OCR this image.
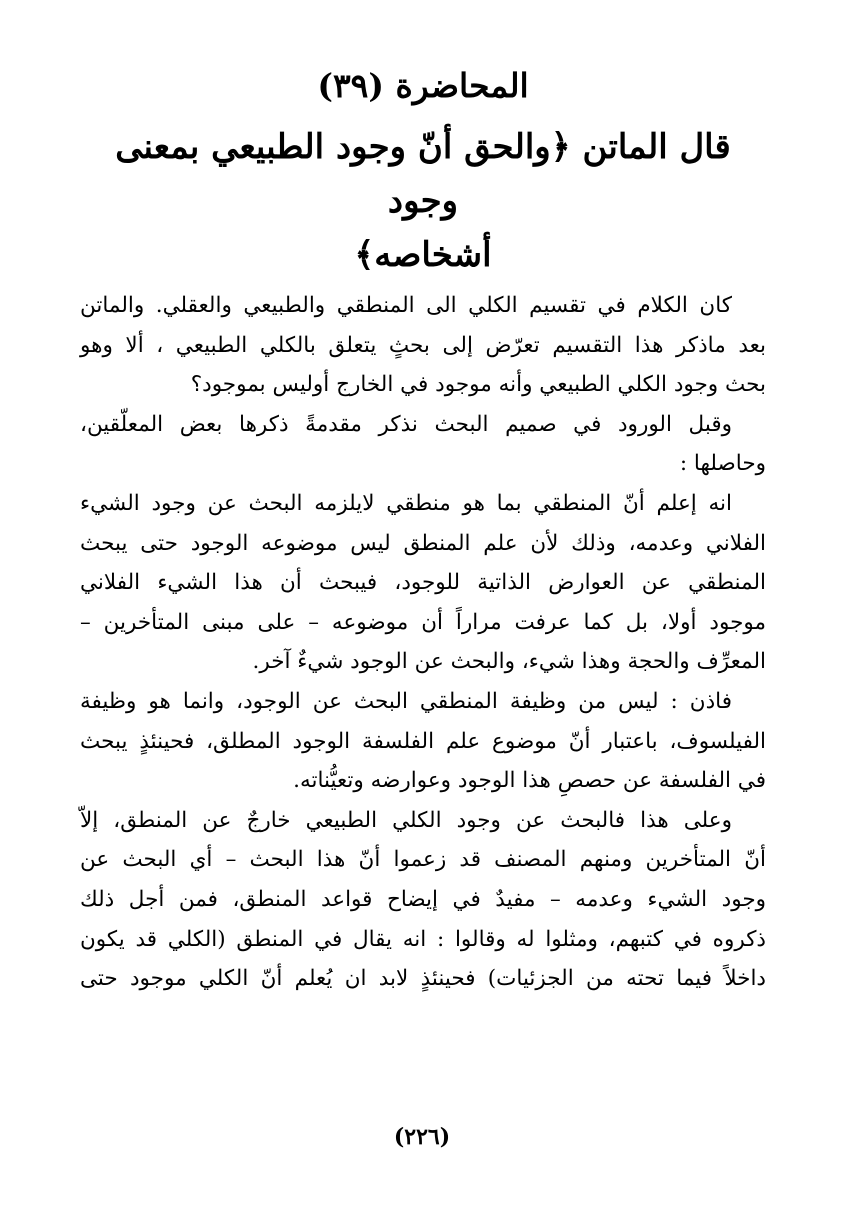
المحاضرة (٣٩)
قال الماتن ﴿والحق أنّ وجود الطبيعي بمعنى وجود
أشخاصه﴾

كان الكلام في تقسيم الكلي الى المنطقي والطبيعي والعقلي. والماتن
بعد ماذكر هذا التقسيم تعرّض إلى بحثٍ يتعلق بالكلي الطبيعي ، ألا وهو
بحث وجود الكلي الطبيعي وأنه موجود في الخارج أوليس بموجود؟

وقبل الورود في صميم البحث نذكر مقدمةً ذكرها بعض المعلّقين،
وحاصلها :

انه إعلم أنّ المنطقي بما هو منطقي لايلزمه البحث عن وجود الشيء
الفلاني وعدمه، وذلك لأن علم المنطق ليس موضوعه الوجود حتى يبحث
المنطقي عن العوارض الذاتية للوجود، فيبحث أن هذا الشيء الفلاني
موجود أولا، بل كما عرفت مراراً أن موضوعه – على مبنى المتأخرين –
المعرِّف والحجة وهذا شيء، والبحث عن الوجود شيءٌ آخر.

فاذن : ليس من وظيفة المنطقي البحث عن الوجود، وانما هو وظيفة
الفيلسوف، باعتبار أنّ موضوع علم الفلسفة الوجود المطلق، فحينئذٍ يبحث
في الفلسفة عن حصصِ هذا الوجود وعوارضه وتعيُّناته.

وعلى هذا فالبحث عن وجود الكلي الطبيعي خارجٌ عن المنطق، إلاّ
أنّ المتأخرين ومنهم المصنف قد زعموا أنّ هذا البحث – أي البحث عن
وجود الشيء وعدمه – مفيدٌ في إيضاح قواعد المنطق، فمن أجل ذلك
ذكروه في كتبهم، ومثلوا له وقالوا : انه يقال في المنطق (الكلي قد يكون
داخلاً فيما تحته من الجزئيات) فحينئذٍ لابد ان يُعلم أنّ الكلي موجود حتى

(٢٢٦)
